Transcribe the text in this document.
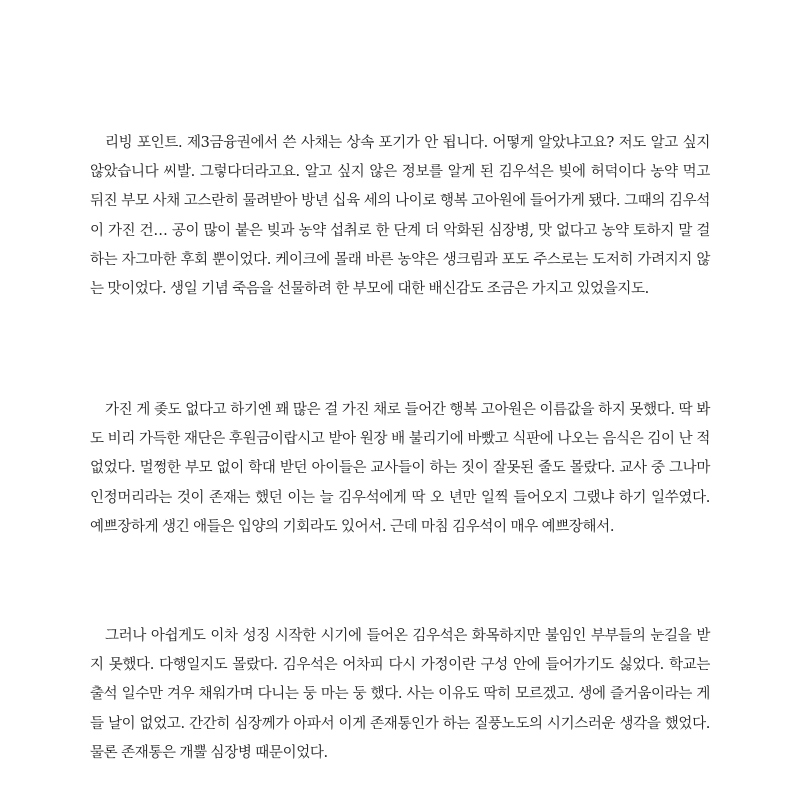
리빙 포인트. 제3금융권에서 쓴 사채는 상속 포기가 안 됩니다. 어떻게 알았냐고요? 저도 알고 싶지 않았습니다 씨발. 그렇다더라고요. 알고 싶지 않은 정보를 알게 된 김우석은 빚에 허덕이다 농약 먹고 뒤진 부모 사채 고스란히 물려받아 방년 십육 세의 나이로 행복 고아원에 들어가게 됐다. 그때의 김우석이 가진 건… 공이 많이 붙은 빚과 농약 섭취로 한 단계 더 악화된 심장병, 맛 없다고 농약 토하지 말 걸 하는 자그마한 후회 뿐이었다. 케이크에 몰래 바른 농약은 생크림과 포도 주스로는 도저히 가려지지 않는 맛이었다. 생일 기념 죽음을 선물하려 한 부모에 대한 배신감도 조금은 가지고 있었을지도.

가진 게 좆도 없다고 하기엔 꽤 많은 걸 가진 채로 들어간 행복 고아원은 이름값을 하지 못했다. 딱 봐도 비리 가득한 재단은 후원금이랍시고 받아 원장 배 불리기에 바빴고 식판에 나오는 음식은 김이 난 적 없었다. 멀쩡한 부모 없이 학대 받던 아이들은 교사들이 하는 짓이 잘못된 줄도 몰랐다. 교사 중 그나마 인정머리라는 것이 존재는 했던 이는 늘 김우석에게 딱 오 년만 일찍 들어오지 그랬냐 하기 일쑤였다. 예쁘장하게 생긴 애들은 입양의 기회라도 있어서. 근데 마침 김우석이 매우 예쁘장해서.

그러나 아쉽게도 이차 성징 시작한 시기에 들어온 김우석은 화목하지만 불임인 부부들의 눈길을 받지 못했다. 다행일지도 몰랐다. 김우석은 어차피 다시 가정이란 구성 안에 들어가기도 싫었다. 학교는 출석 일수만 겨우 채워가며 다니는 둥 마는 둥 했다. 사는 이유도 딱히 모르겠고. 생에 즐거움이라는 게 들 날이 없었고. 간간히 심장께가 아파서 이게 존재통인가 하는 질풍노도의 시기스러운 생각을 했었다. 물론 존재통은 개뿔 심장병 때문이었다.
